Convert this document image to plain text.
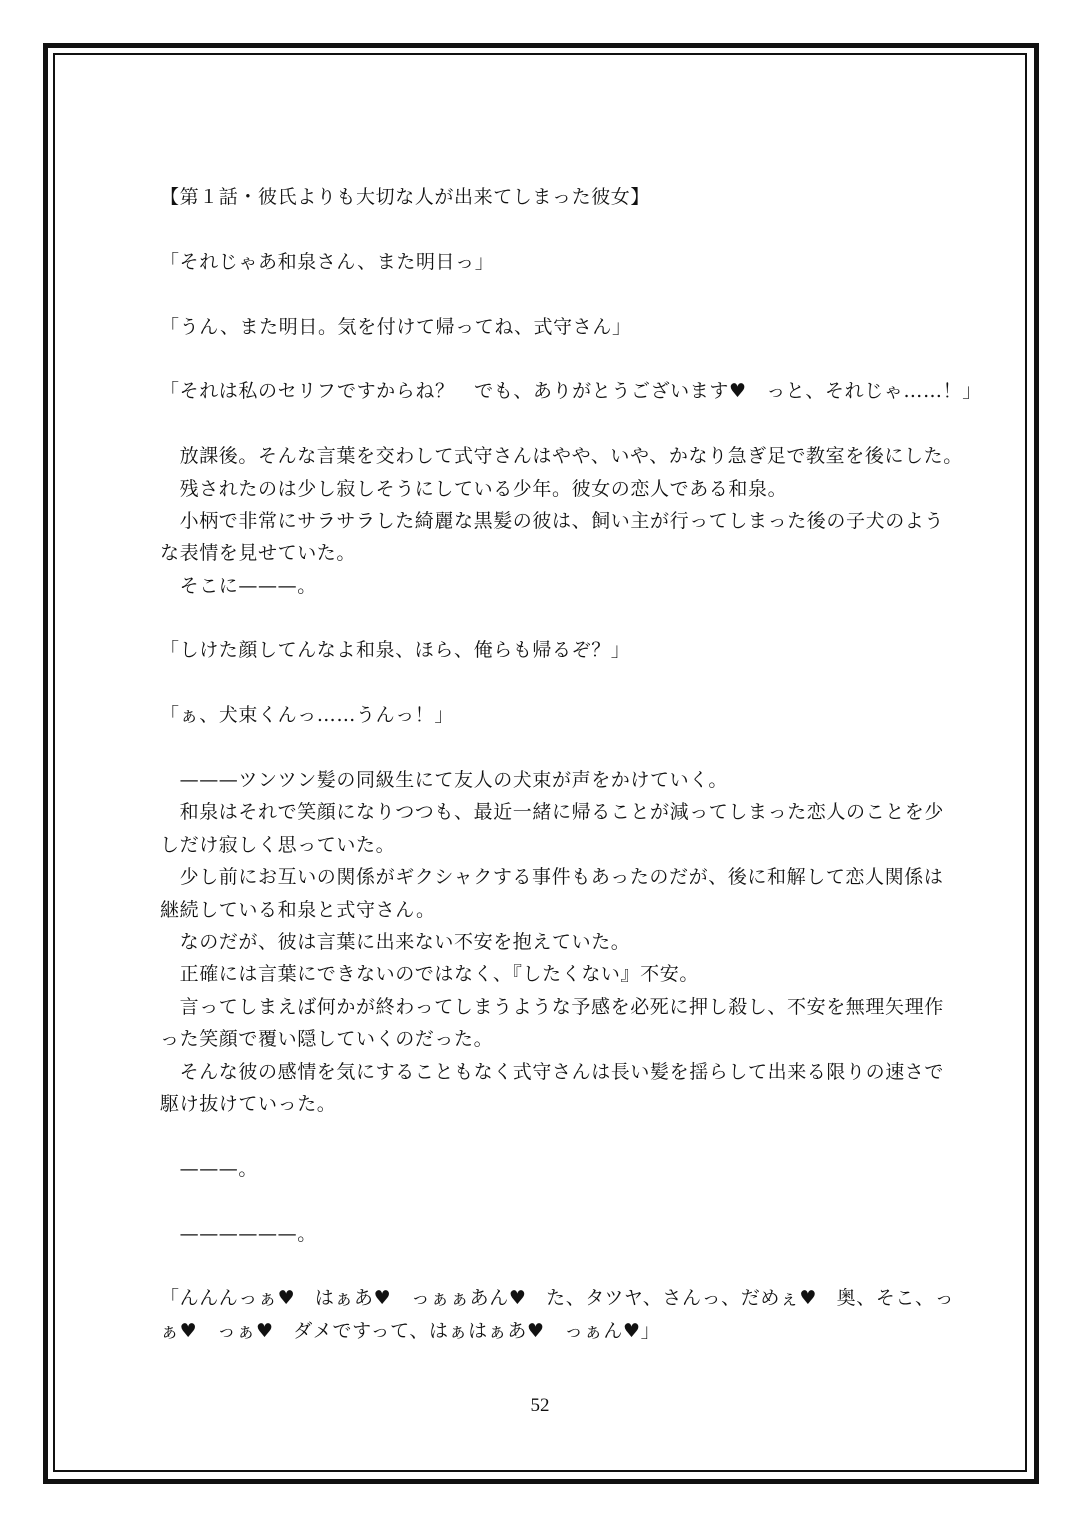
【第１話・彼氏よりも大切な人が出来てしまった彼女】
「それじゃあ和泉さん、また明日っ」
「うん、また明日。気を付けて帰ってね、式守さん」
「それは私のセリフですからね？　でも、ありがとうございます♥　っと、それじゃ……！」
　放課後。そんな言葉を交わして式守さんはやや、いや、かなり急ぎ足で教室を後にした。
　残されたのは少し寂しそうにしている少年。彼女の恋人である和泉。
　小柄で非常にサラサラした綺麗な黒髪の彼は、飼い主が行ってしまった後の子犬のよう
な表情を見せていた。
　そこに———。
「しけた顔してんなよ和泉、ほら、俺らも帰るぞ？」
「ぁ、犬束くんっ……うんっ！」
　———ツンツン髪の同級生にて友人の犬束が声をかけていく。
　和泉はそれで笑顔になりつつも、最近一緒に帰ることが減ってしまった恋人のことを少
しだけ寂しく思っていた。
　少し前にお互いの関係がギクシャクする事件もあったのだが、後に和解して恋人関係は
継続している和泉と式守さん。
　なのだが、彼は言葉に出来ない不安を抱えていた。
　正確には言葉にできないのではなく、『したくない』不安。
　言ってしまえば何かが終わってしまうような予感を必死に押し殺し、不安を無理矢理作
った笑顔で覆い隠していくのだった。
　そんな彼の感情を気にすることもなく式守さんは長い髪を揺らして出来る限りの速さで
駆け抜けていった。
　———。
　——————。
「んんんっぁ♥　はぁあ♥　っぁぁあん♥　た、タツヤ、さんっ、だめぇ♥　奥、そこ、っ
ぁ♥　っぁ♥　ダメですって、はぁはぁあ♥　っぁん♥」
52
